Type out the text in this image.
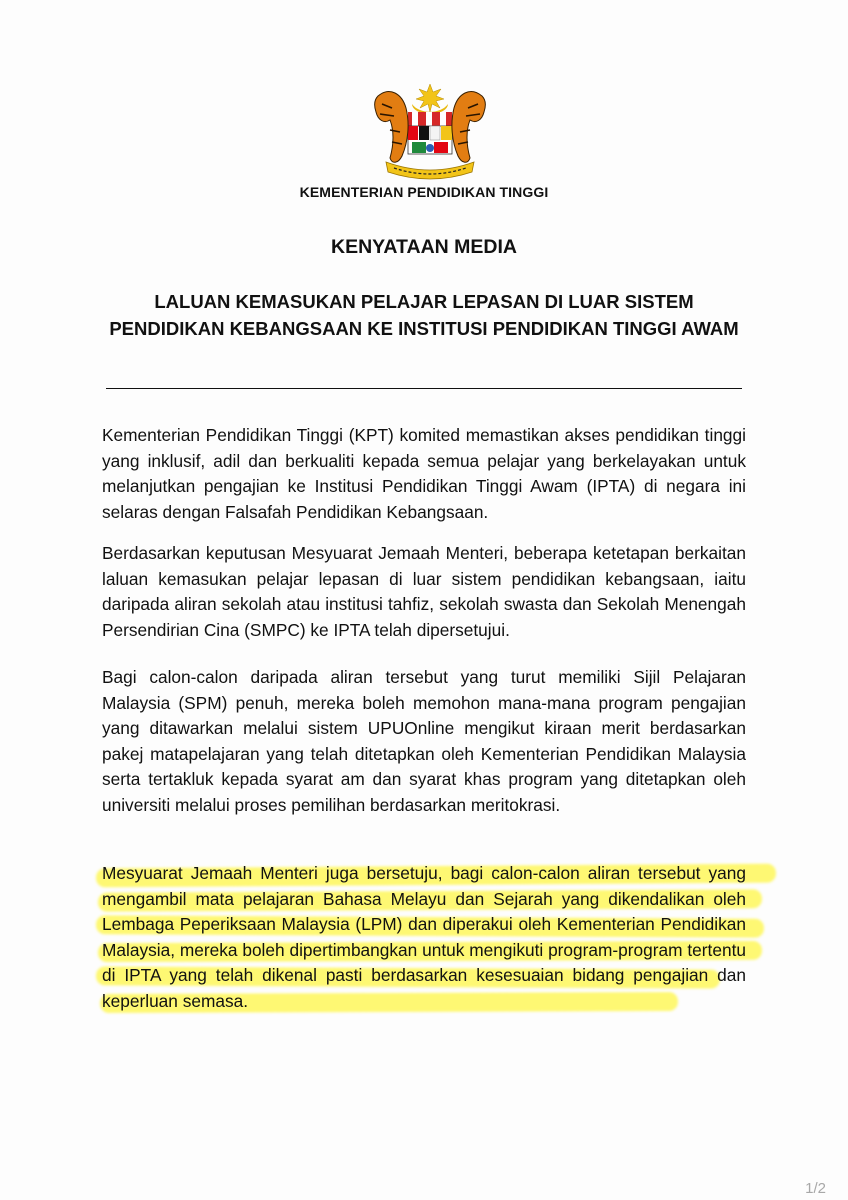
KEMENTERIAN PENDIDIKAN TINGGI
KENYATAAN MEDIA
LALUAN KEMASUKAN PELAJAR LEPASAN DI LUAR SISTEM PENDIDIKAN KEBANGSAAN KE INSTITUSI PENDIDIKAN TINGGI AWAM

Kementerian Pendidikan Tinggi (KPT) komited memastikan akses pendidikan tinggi yang inklusif, adil dan berkualiti kepada semua pelajar yang berkelayakan untuk melanjutkan pengajian ke Institusi Pendidikan Tinggi Awam (IPTA) di negara ini selaras dengan Falsafah Pendidikan Kebangsaan.

Berdasarkan keputusan Mesyuarat Jemaah Menteri, beberapa ketetapan berkaitan laluan kemasukan pelajar lepasan di luar sistem pendidikan kebangsaan, iaitu daripada aliran sekolah atau institusi tahfiz, sekolah swasta dan Sekolah Menengah Persendirian Cina (SMPC) ke IPTA telah dipersetujui.

Bagi calon-calon daripada aliran tersebut yang turut memiliki Sijil Pelajaran Malaysia (SPM) penuh, mereka boleh memohon mana-mana program pengajian yang ditawarkan melalui sistem UPUOnline mengikut kiraan merit berdasarkan pakej matapelajaran yang telah ditetapkan oleh Kementerian Pendidikan Malaysia serta tertakluk kepada syarat am dan syarat khas program yang ditetapkan oleh universiti melalui proses pemilihan berdasarkan meritokrasi.

Mesyuarat Jemaah Menteri juga bersetuju, bagi calon-calon aliran tersebut yang mengambil mata pelajaran Bahasa Melayu dan Sejarah yang dikendalikan oleh Lembaga Peperiksaan Malaysia (LPM) dan diperakui oleh Kementerian Pendidikan Malaysia, mereka boleh dipertimbangkan untuk mengikuti program-program tertentu di IPTA yang telah dikenal pasti berdasarkan kesesuaian bidang pengajian dan keperluan semasa.

1/2
